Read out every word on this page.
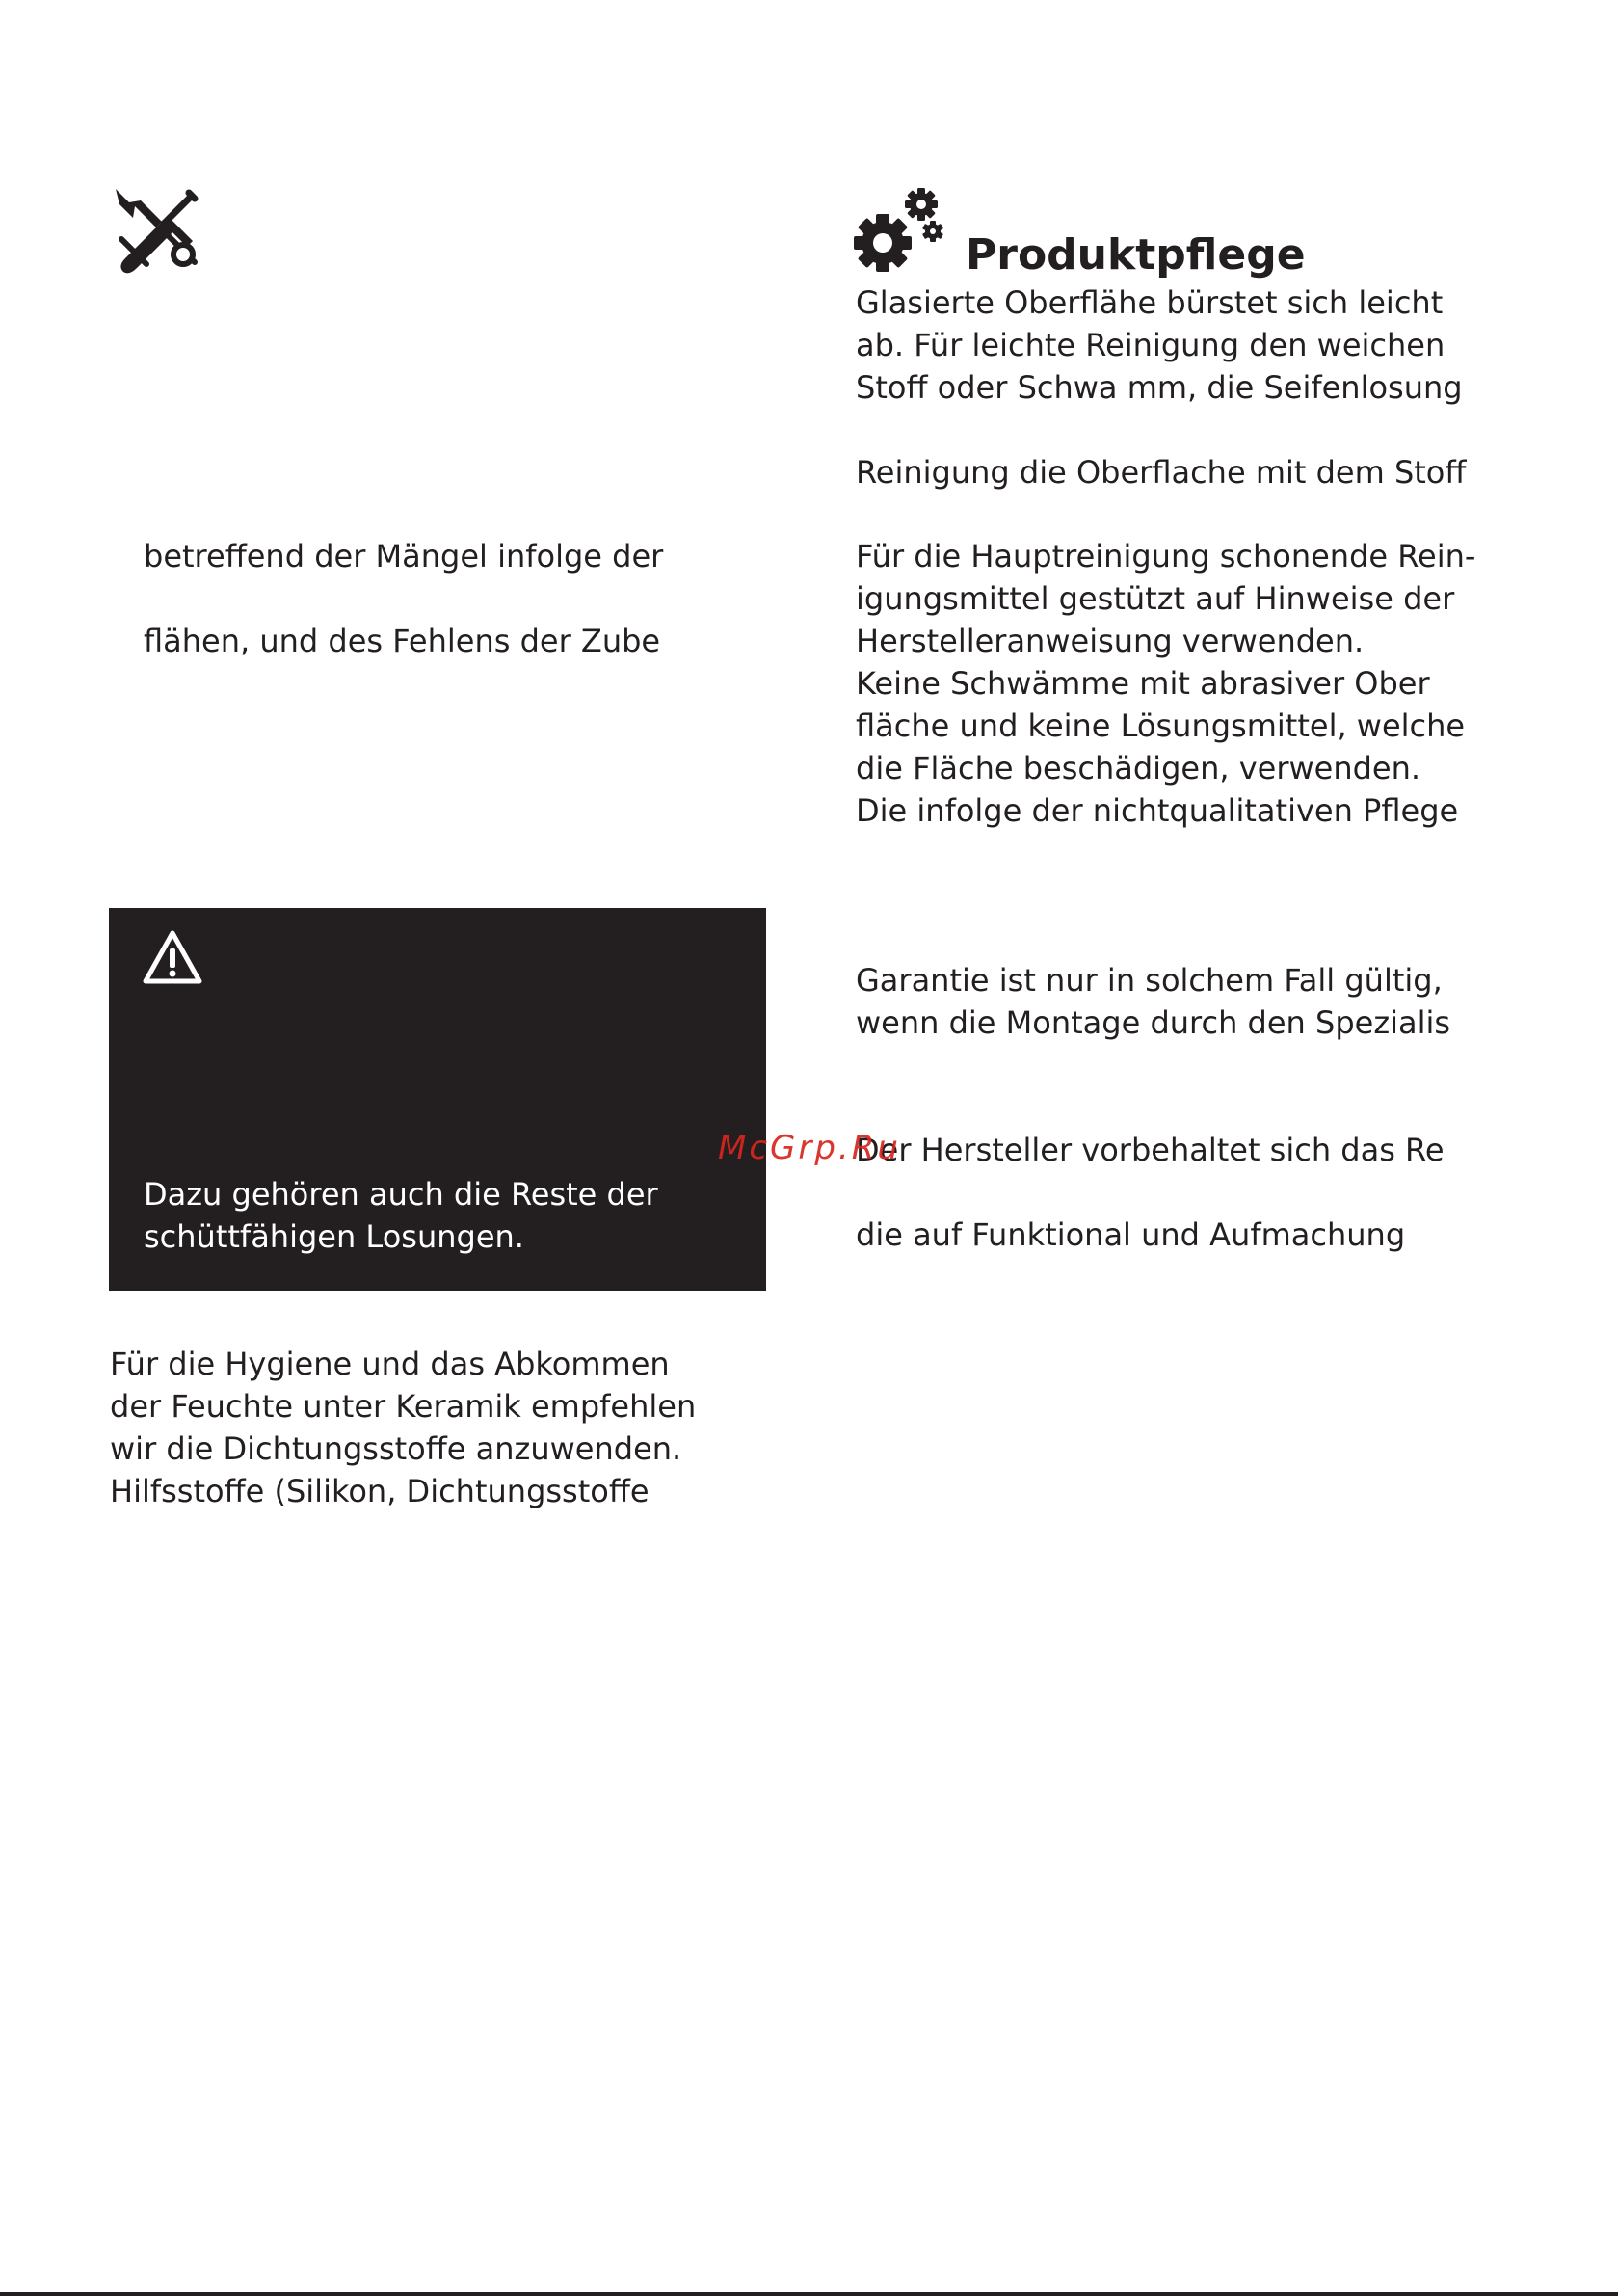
betreffend der Mängel infolge der
flähen, und des Fehlens der Zube
Dazu gehören auch die Reste der
schüttfähigen Losungen.
Für die Hygiene und das Abkommen
der Feuchte unter Keramik empfehlen
wir die Dichtungsstoffe anzuwenden.
Hilfsstoffe (Silikon, Dichtungsstoffe
Produktpflege
Glasierte Oberflähe bürstet sich leicht
ab. Für leichte Reinigung den weichen
Stoff oder Schwa mm, die Seifenlosung
Reinigung die Oberflache mit dem Stoff
Für die Hauptreinigung schonende Rein-
igungsmittel gestützt auf Hinweise der
Herstelleranweisung verwenden.
Keine Schwämme mit abrasiver Ober
fläche und keine Lösungsmittel, welche
die Fläche beschädigen, verwenden.
Die infolge der nichtqualitativen Pflege
Garantie ist nur in solchem Fall gültig,
wenn die Montage durch den Spezialis
Der Hersteller vorbehaltet sich das Re
die auf Funktional und Aufmachung
McGrp.Ru
